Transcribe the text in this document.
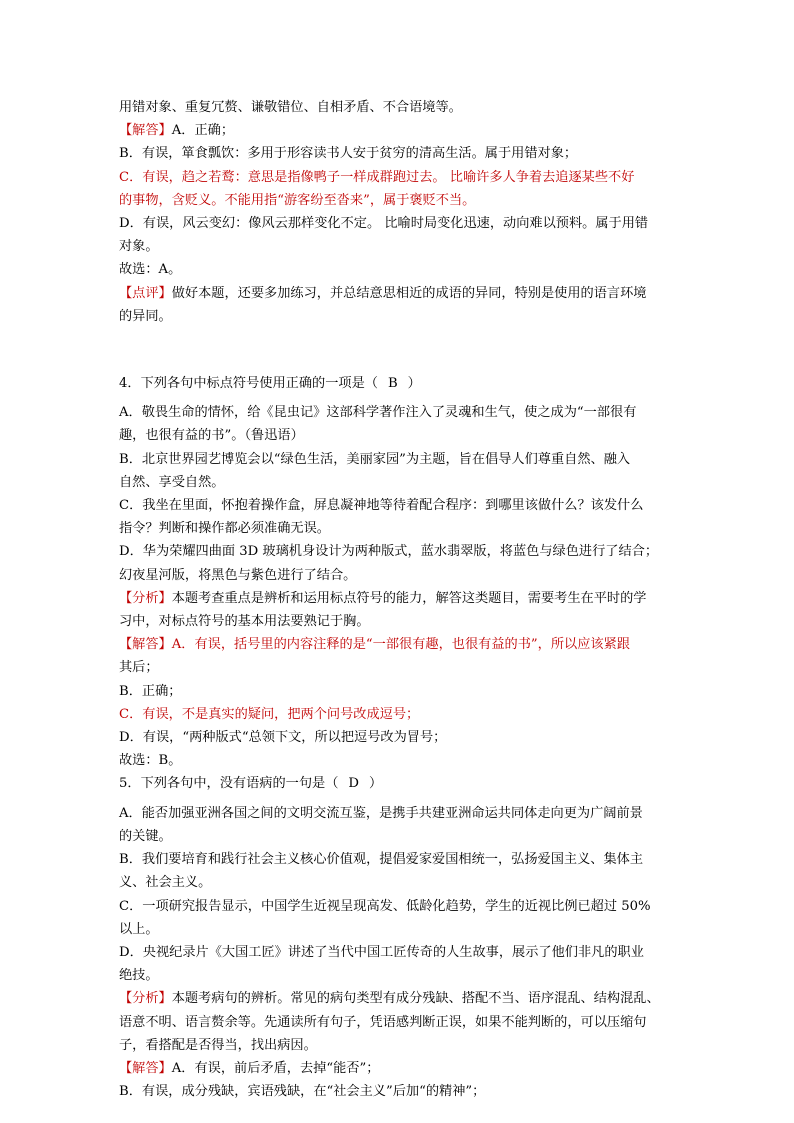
用错对象、重复冗赘、谦敬错位、自相矛盾、不合语境等。
【解答】A．正确；
B．有误，箪食瓢饮：多用于形容读书人安于贫穷的清高生活。属于用错对象；
C．有误，趋之若鹜：意思是指像鸭子一样成群跑过去。 比喻许多人争着去追逐某些不好
的事物，含贬义。不能用指“游客纷至沓来”，属于褒贬不当。
D．有误，风云变幻：像风云那样变化不定。 比喻时局变化迅速，动向难以预料。属于用错
对象。
故选：A。
【点评】做好本题，还要多加练习，并总结意思相近的成语的异同，特别是使用的语言环境
的异同。
4．下列各句中标点符号使用正确的一项是（ B ）
A．敬畏生命的情怀，给《昆虫记》这部科学著作注入了灵魂和生气，使之成为“一部很有
趣，也很有益的书”。（鲁迅语）
B．北京世界园艺博览会以“绿色生活，美丽家园”为主题，旨在倡导人们尊重自然、融入
自然、享受自然。
C．我坐在里面，怀抱着操作盒，屏息凝神地等待着配合程序：到哪里该做什么？该发什么
指令？判断和操作都必须准确无误。
D．华为荣耀四曲面 3D 玻璃机身设计为两种版式，蓝水翡翠版，将蓝色与绿色进行了结合；
幻夜星河版，将黑色与紫色进行了结合。
【分析】本题考查重点是辨析和运用标点符号的能力，解答这类题目，需要考生在平时的学
习中，对标点符号的基本用法要熟记于胸。
【解答】A．有误，括号里的内容注释的是“一部很有趣，也很有益的书”，所以应该紧跟
其后；
B．正确；
C．有误，不是真实的疑问，把两个问号改成逗号；
D．有误，“两种版式“总领下文，所以把逗号改为冒号；
故选：B。
5．下列各句中，没有语病的一句是（ D ）
A．能否加强亚洲各国之间的文明交流互鉴，是携手共建亚洲命运共同体走向更为广阔前景
的关键。
B．我们要培育和践行社会主义核心价值观，提倡爱家爱国相统一，弘扬爱国主义、集体主
义、社会主义。
C．一项研究报告显示，中国学生近视呈现高发、低龄化趋势，学生的近视比例已超过 50%
以上。
D．央视纪录片《大国工匠》讲述了当代中国工匠传奇的人生故事，展示了他们非凡的职业
绝技。
【分析】本题考病句的辨析。常见的病句类型有成分残缺、搭配不当、语序混乱、结构混乱、
语意不明、语言赘余等。先通读所有句子，凭语感判断正误，如果不能判断的，可以压缩句
子，看搭配是否得当，找出病因。
【解答】A．有误，前后矛盾，去掉“能否”；
B．有误，成分残缺，宾语残缺，在“社会主义”后加“的精神”；
